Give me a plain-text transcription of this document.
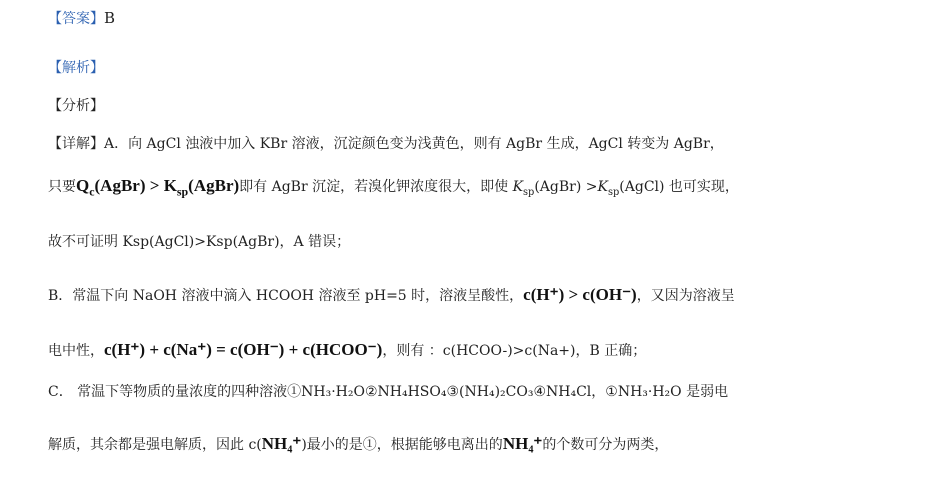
【答案】B
【解析】
【分析】
【详解】A．向 AgCl 浊液中加入 KBr 溶液，沉淀颜色变为浅黄色，则有 AgBr 生成，AgCl 转变为 AgBr，
只要$Q_c(AgBr)$ > $K_{sp}(AgBr)$即有 AgBr 沉淀，若溴化钾浓度很大，即使 $K_{sp}(AgBr)$ $>K_{sp}(AgCl)$ 也可实现，
故不可证明 Ksp(AgCl)>Ksp(AgBr)，A 错误；
B．常温下向 NaOH 溶液中滴入 HCOOH 溶液至 pH=5 时，溶液呈酸性，c(H⁺) > c(OH⁻)，又因为溶液呈
电中性，c(H⁺) + c(Na⁺) = c(OH⁻) + c(HCOO⁻)，则有 ：c(HCOO-)>c(Na+)，B 正确；
C． 常温下等物质的量浓度的四种溶液①NH₃·H₂O②NH₄HSO₄③(NH₄)₂CO₃④NH₄Cl，①NH₃·H₂O 是弱电
解质，其余都是强电解质，因此 c(NH₄⁺)最小的是①，根据能够电离出的NH₄⁺的个数可分为两类，
